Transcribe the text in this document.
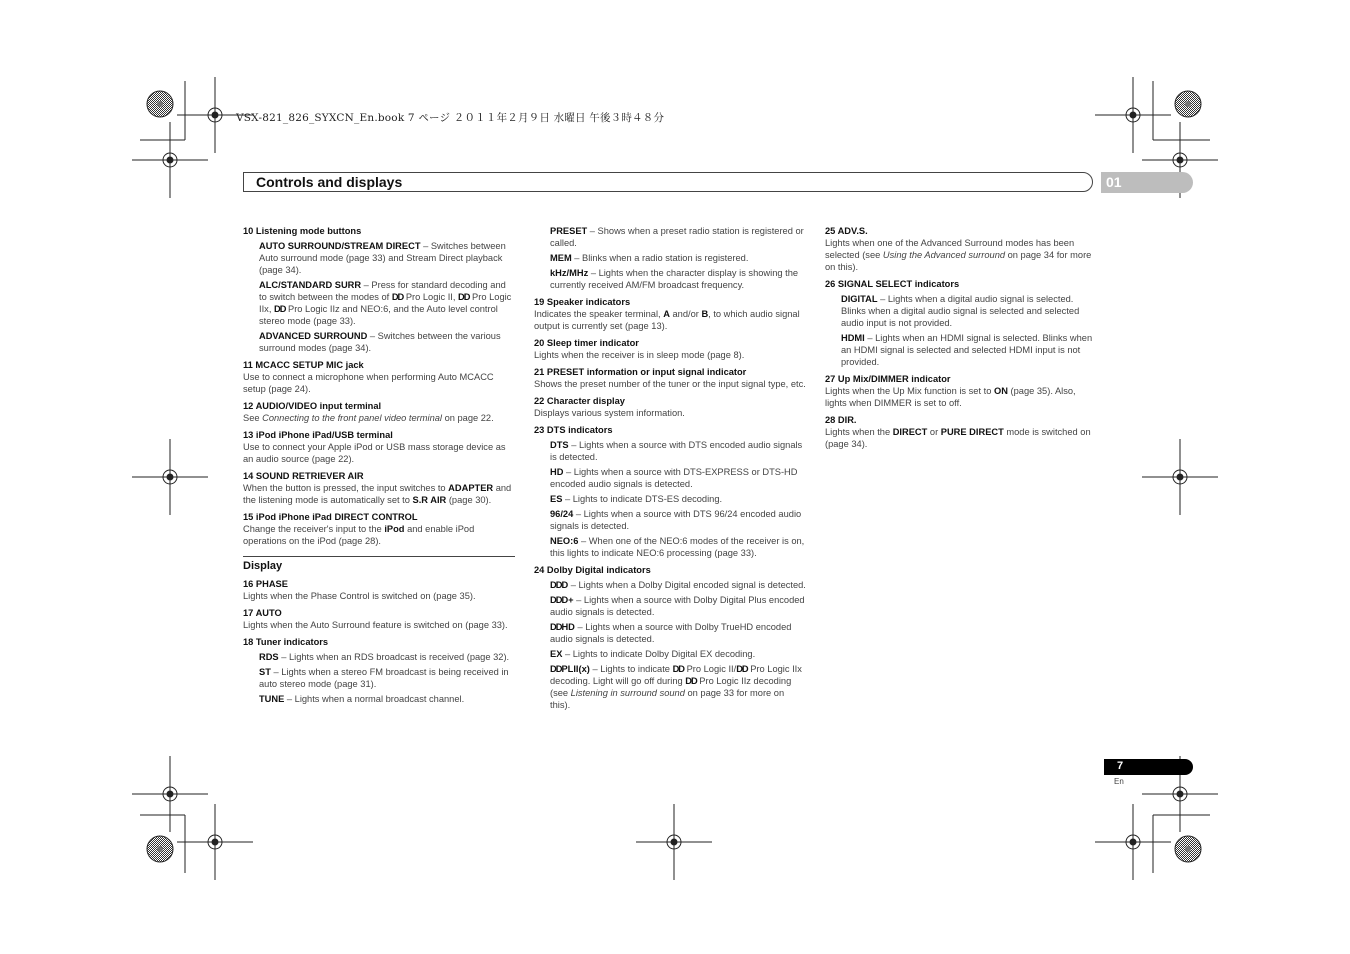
VSX-821_826_SYXCN_En.book 7 ページ ２０１１年２月９日 水曜日 午後３時４８分
Controls and displays	01
10 Listening mode buttons
AUTO SURROUND/STREAM DIRECT – Switches between Auto surround mode (page 33) and Stream Direct playback (page 34).
ALC/STANDARD SURR – Press for standard decoding and to switch between the modes of DD Pro Logic II, DD Pro Logic IIx, DD Pro Logic IIz and NEO:6, and the Auto level control stereo mode (page 33).
ADVANCED SURROUND – Switches between the various surround modes (page 34).
11 MCACC SETUP MIC jack
Use to connect a microphone when performing Auto MCACC setup (page 24).
12 AUDIO/VIDEO input terminal
See Connecting to the front panel video terminal on page 22.
13 iPod iPhone iPad/USB terminal
Use to connect your Apple iPod or USB mass storage device as an audio source (page 22).
14 SOUND RETRIEVER AIR
When the button is pressed, the input switches to ADAPTER and the listening mode is automatically set to S.R AIR (page 30).
15 iPod iPhone iPad DIRECT CONTROL
Change the receiver's input to the iPod and enable iPod operations on the iPod (page 28).
Display
16 PHASE
Lights when the Phase Control is switched on (page 35).
17 AUTO
Lights when the Auto Surround feature is switched on (page 33).
18 Tuner indicators
RDS – Lights when an RDS broadcast is received (page 32).
ST – Lights when a stereo FM broadcast is being received in auto stereo mode (page 31).
TUNE – Lights when a normal broadcast channel.
PRESET – Shows when a preset radio station is registered or called.
MEM – Blinks when a radio station is registered.
kHz/MHz – Lights when the character display is showing the currently received AM/FM broadcast frequency.
19 Speaker indicators
Indicates the speaker terminal, A and/or B, to which audio signal output is currently set (page 13).
20 Sleep timer indicator
Lights when the receiver is in sleep mode (page 8).
21 PRESET information or input signal indicator
Shows the preset number of the tuner or the input signal type, etc.
22 Character display
Displays various system information.
23 DTS indicators
DTS – Lights when a source with DTS encoded audio signals is detected.
HD – Lights when a source with DTS-EXPRESS or DTS-HD encoded audio signals is detected.
ES – Lights to indicate DTS-ES decoding.
96/24 – Lights when a source with DTS 96/24 encoded audio signals is detected.
NEO:6 – When one of the NEO:6 modes of the receiver is on, this lights to indicate NEO:6 processing (page 33).
24 Dolby Digital indicators
DDD – Lights when a Dolby Digital encoded signal is detected.
DDD+ – Lights when a source with Dolby Digital Plus encoded audio signals is detected.
DDHD – Lights when a source with Dolby TrueHD encoded audio signals is detected.
EX – Lights to indicate Dolby Digital EX decoding.
DDPLII(x) – Lights to indicate DD Pro Logic II/DD Pro Logic IIx decoding. Light will go off during DD Pro Logic IIz decoding (see Listening in surround sound on page 33 for more on this).
25 ADV.S.
Lights when one of the Advanced Surround modes has been selected (see Using the Advanced surround on page 34 for more on this).
26 SIGNAL SELECT indicators
DIGITAL – Lights when a digital audio signal is selected. Blinks when a digital audio signal is selected and selected audio input is not provided.
HDMI – Lights when an HDMI signal is selected. Blinks when an HDMI signal is selected and selected HDMI input is not provided.
27 Up Mix/DIMMER indicator
Lights when the Up Mix function is set to ON (page 35). Also, lights when DIMMER is set to off.
28 DIR.
Lights when the DIRECT or PURE DIRECT mode is switched on (page 34).
7
En
